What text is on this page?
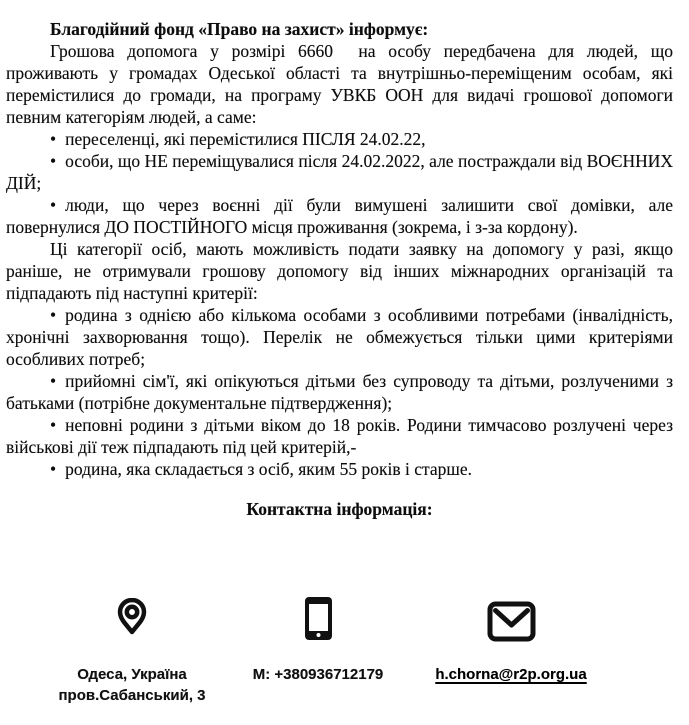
Благодійний фонд «Право на захист» інформує:

Грошова допомога у розмірі 6660  на особу передбачена для людей, що проживають у громадах Одеської області та внутрішньо-переміщеним особам, які перемістилися до громади, на програму УВКБ ООН для видачі грошової допомоги певним категоріям людей, а саме:

• переселенці, які перемістилися ПІСЛЯ 24.02.22,

• особи, що НЕ переміщувалися після 24.02.2022, але постраждали від ВОЄННИХ ДІЙ;

• люди, що через воєнні дії були вимушені залишити свої домівки, але повернулися ДО ПОСТІЙНОГО місця проживання (зокрема, і з-за кордону).

Ці категорії осіб, мають можливість подати заявку на допомогу у разі, якщо раніше, не отримували грошову допомогу від інших міжнародних організацій та підпадають під наступні критерії:

• родина з однією або кількома особами з особливими потребами (інвалідність, хронічні захворювання тощо). Перелік не обмежується тільки цими критеріями особливих потреб;

• прийомні сім'ї, які опікуються дітьми без супроводу та дітьми, розлученими з батьками (потрібне документальне підтвердження);

• неповні родини з дітьми віком до 18 років. Родини тимчасово розлучені через військові дії теж підпадають під цей критерій,-

• родина, яка складається з осіб, яким 55 років і старше.

Контактна інформація:

Одеса, Україна
пров.Сабанський, 3
М: +380936712179	h.chorna@r2p.org.ua
